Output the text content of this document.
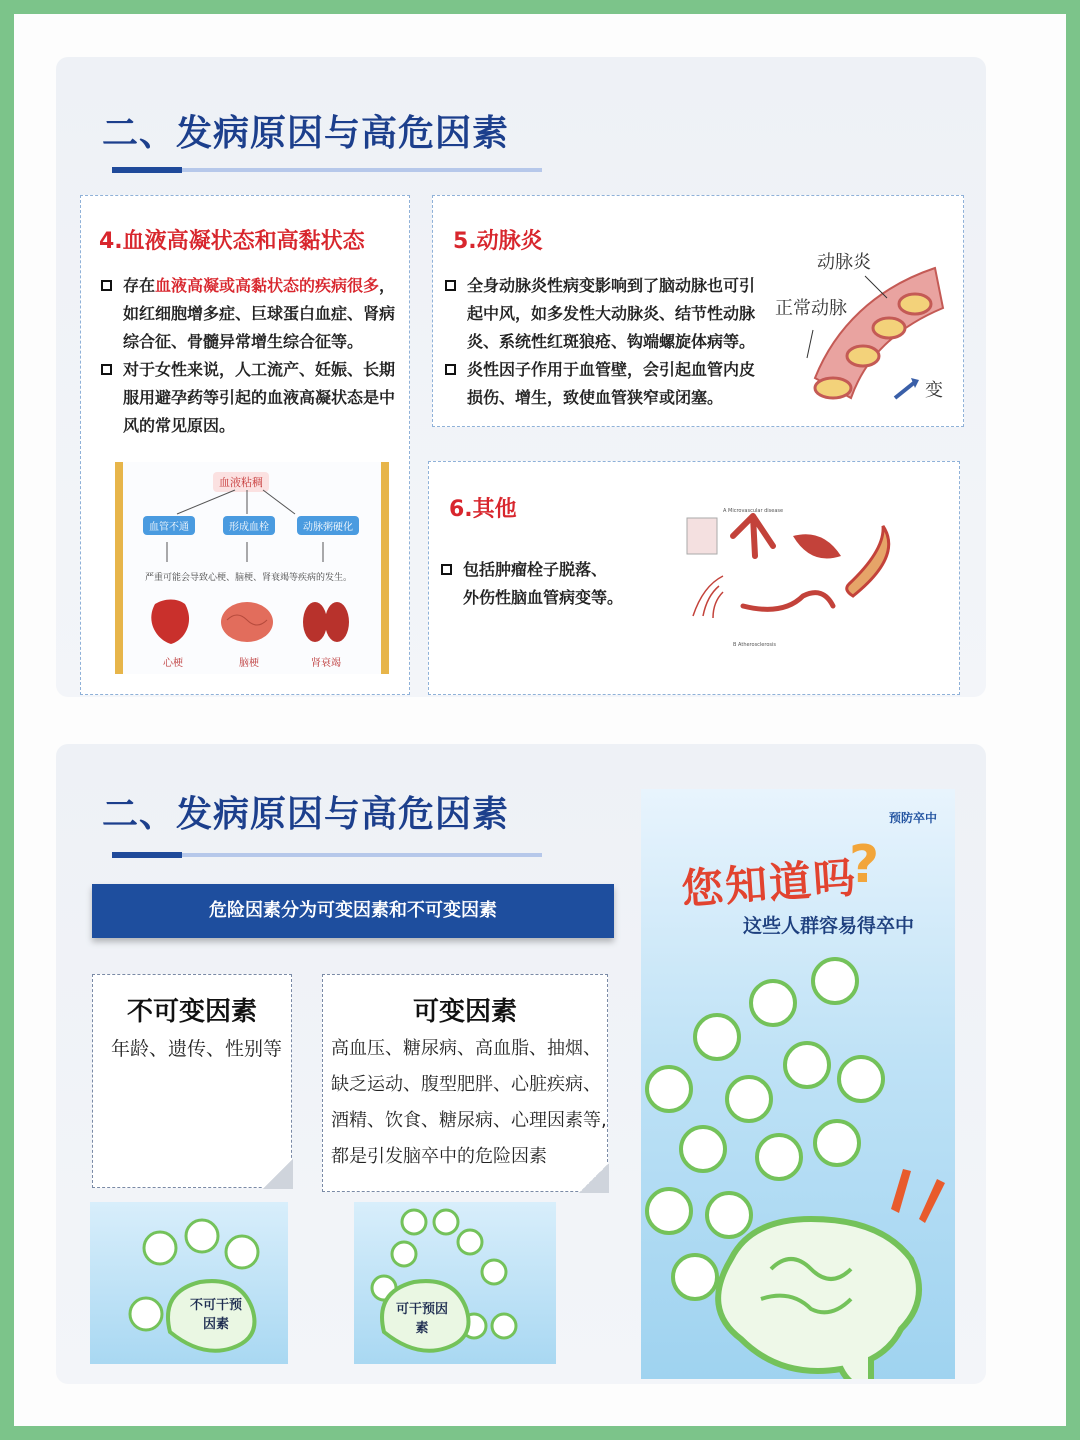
二、发病原因与高危因素
4.血液高凝状态和高黏状态
存在血液高凝或高黏状态的疾病很多，
如红细胞增多症、巨球蛋白血症、肾病
综合征、骨髓异常增生综合征等。
对于女性来说，人工流产、妊娠、长期
服用避孕药等引起的血液高凝状态是中
风的常见原因。
血液粘稠
血管不通	形成血栓	动脉粥硬化
严重可能会导致心梗、脑梗、肾衰竭等疾病的发生。
心梗	脑梗	肾衰竭
5.动脉炎
全身动脉炎性病变影响到了脑动脉也可引
起中风，如多发性大动脉炎、结节性动脉
炎、系统性红斑狼疮、钩端螺旋体病等。
炎性因子作用于血管壁，会引起血管内皮
损伤、增生，致使血管狭窄或闭塞。
动脉炎
正常动脉
变
6.其他
包括肿瘤栓子脱落、
外伤性脑血管病变等。
A Microvascular disease
B Atherosclerosis
二、发病原因与高危因素
危险因素分为可变因素和不可变因素
不可变因素
年龄、遗传、性别等
可变因素
高血压、糖尿病、高血脂、抽烟、
缺乏运动、腹型肥胖、心脏疾病、
酒精、饮食、糖尿病、心理因素等,
都是引发脑卒中的危险因素
不可干预因素
可干预因素
预防卒中
您知道吗
?
这些人群容易得卒中
